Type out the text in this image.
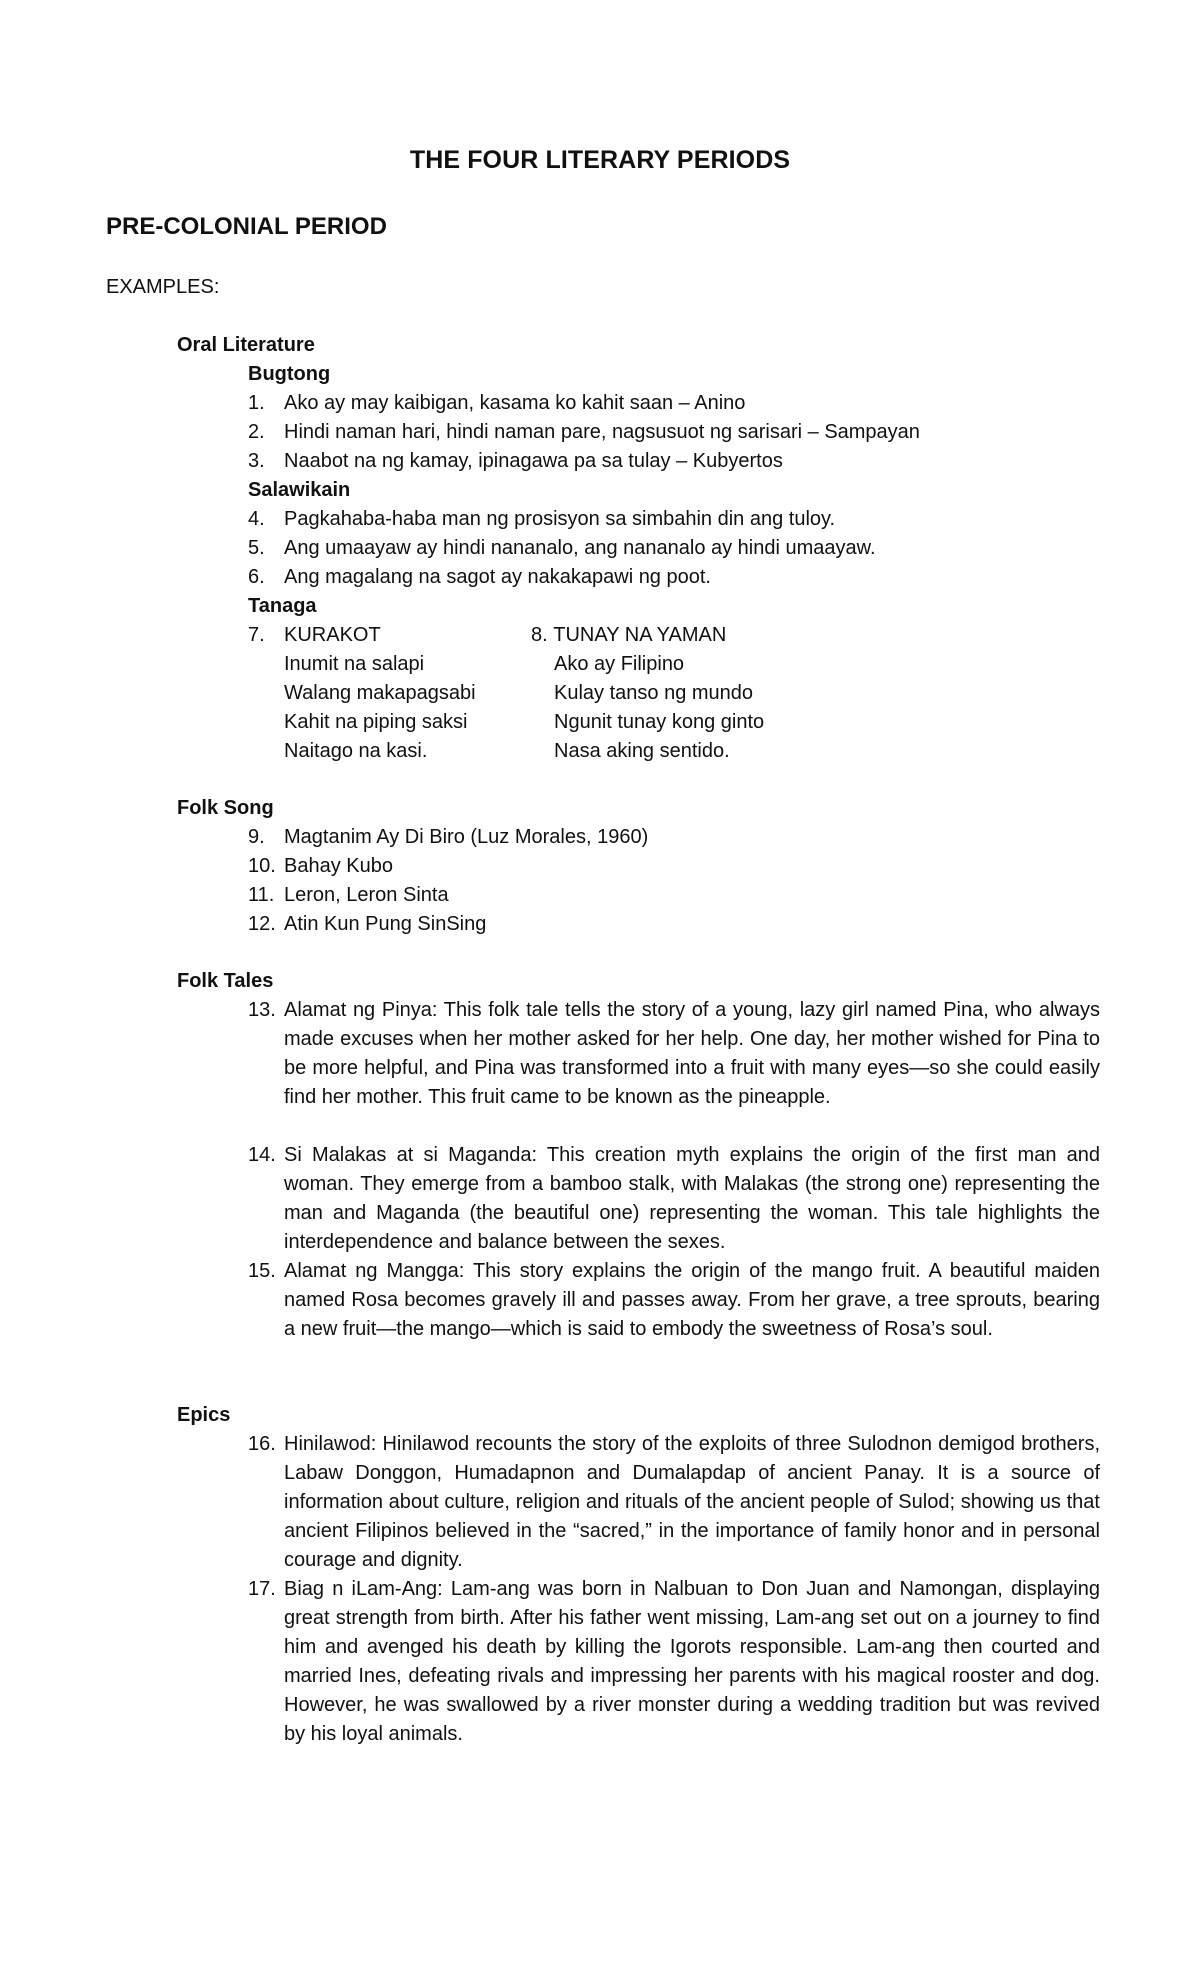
THE FOUR LITERARY PERIODS
PRE-COLONIAL PERIOD
EXAMPLES:
Oral Literature
Bugtong
1. Ako ay may kaibigan, kasama ko kahit saan – Anino
2. Hindi naman hari, hindi naman pare, nagsusuot ng sarisari – Sampayan
3. Naabot na ng kamay, ipinagawa pa sa tulay – Kubyertos
Salawikain
4. Pagkahaba-haba man ng prosisyon sa simbahin din ang tuloy.
5. Ang umaayaw ay hindi nananalo, ang nananalo ay hindi umaayaw.
6. Ang magalang na sagot ay nakakapawi ng poot.
Tanaga
7. KURAKOT
Inumit na salapi
Walang makapagsabi
Kahit na piping saksi
Naitago na kasi.
8. TUNAY NA YAMAN
Ako ay Filipino
Kulay tanso ng mundo
Ngunit tunay kong ginto
Nasa aking sentido.
Folk Song
9. Magtanim Ay Di Biro (Luz Morales, 1960)
10. Bahay Kubo
11. Leron, Leron Sinta
12. Atin Kun Pung SinSing
Folk Tales
13. Alamat ng Pinya: This folk tale tells the story of a young, lazy girl named Pina, who always made excuses when her mother asked for her help. One day, her mother wished for Pina to be more helpful, and Pina was transformed into a fruit with many eyes—so she could easily find her mother. This fruit came to be known as the pineapple.
14. Si Malakas at si Maganda: This creation myth explains the origin of the first man and woman. They emerge from a bamboo stalk, with Malakas (the strong one) representing the man and Maganda (the beautiful one) representing the woman. This tale highlights the interdependence and balance between the sexes.
15. Alamat ng Mangga: This story explains the origin of the mango fruit. A beautiful maiden named Rosa becomes gravely ill and passes away. From her grave, a tree sprouts, bearing a new fruit—the mango—which is said to embody the sweetness of Rosa’s soul.
Epics
16. Hinilawod: Hinilawod recounts the story of the exploits of three Sulodnon demigod brothers, Labaw Donggon, Humadapnon and Dumalapdap of ancient Panay. It is a source of information about culture, religion and rituals of the ancient people of Sulod; showing us that ancient Filipinos believed in the “sacred,” in the importance of family honor and in personal courage and dignity.
17. Biag n iLam-Ang: Lam-ang was born in Nalbuan to Don Juan and Namongan, displaying great strength from birth. After his father went missing, Lam-ang set out on a journey to find him and avenged his death by killing the Igorots responsible. Lam-ang then courted and married Ines, defeating rivals and impressing her parents with his magical rooster and dog. However, he was swallowed by a river monster during a wedding tradition but was revived by his loyal animals.
